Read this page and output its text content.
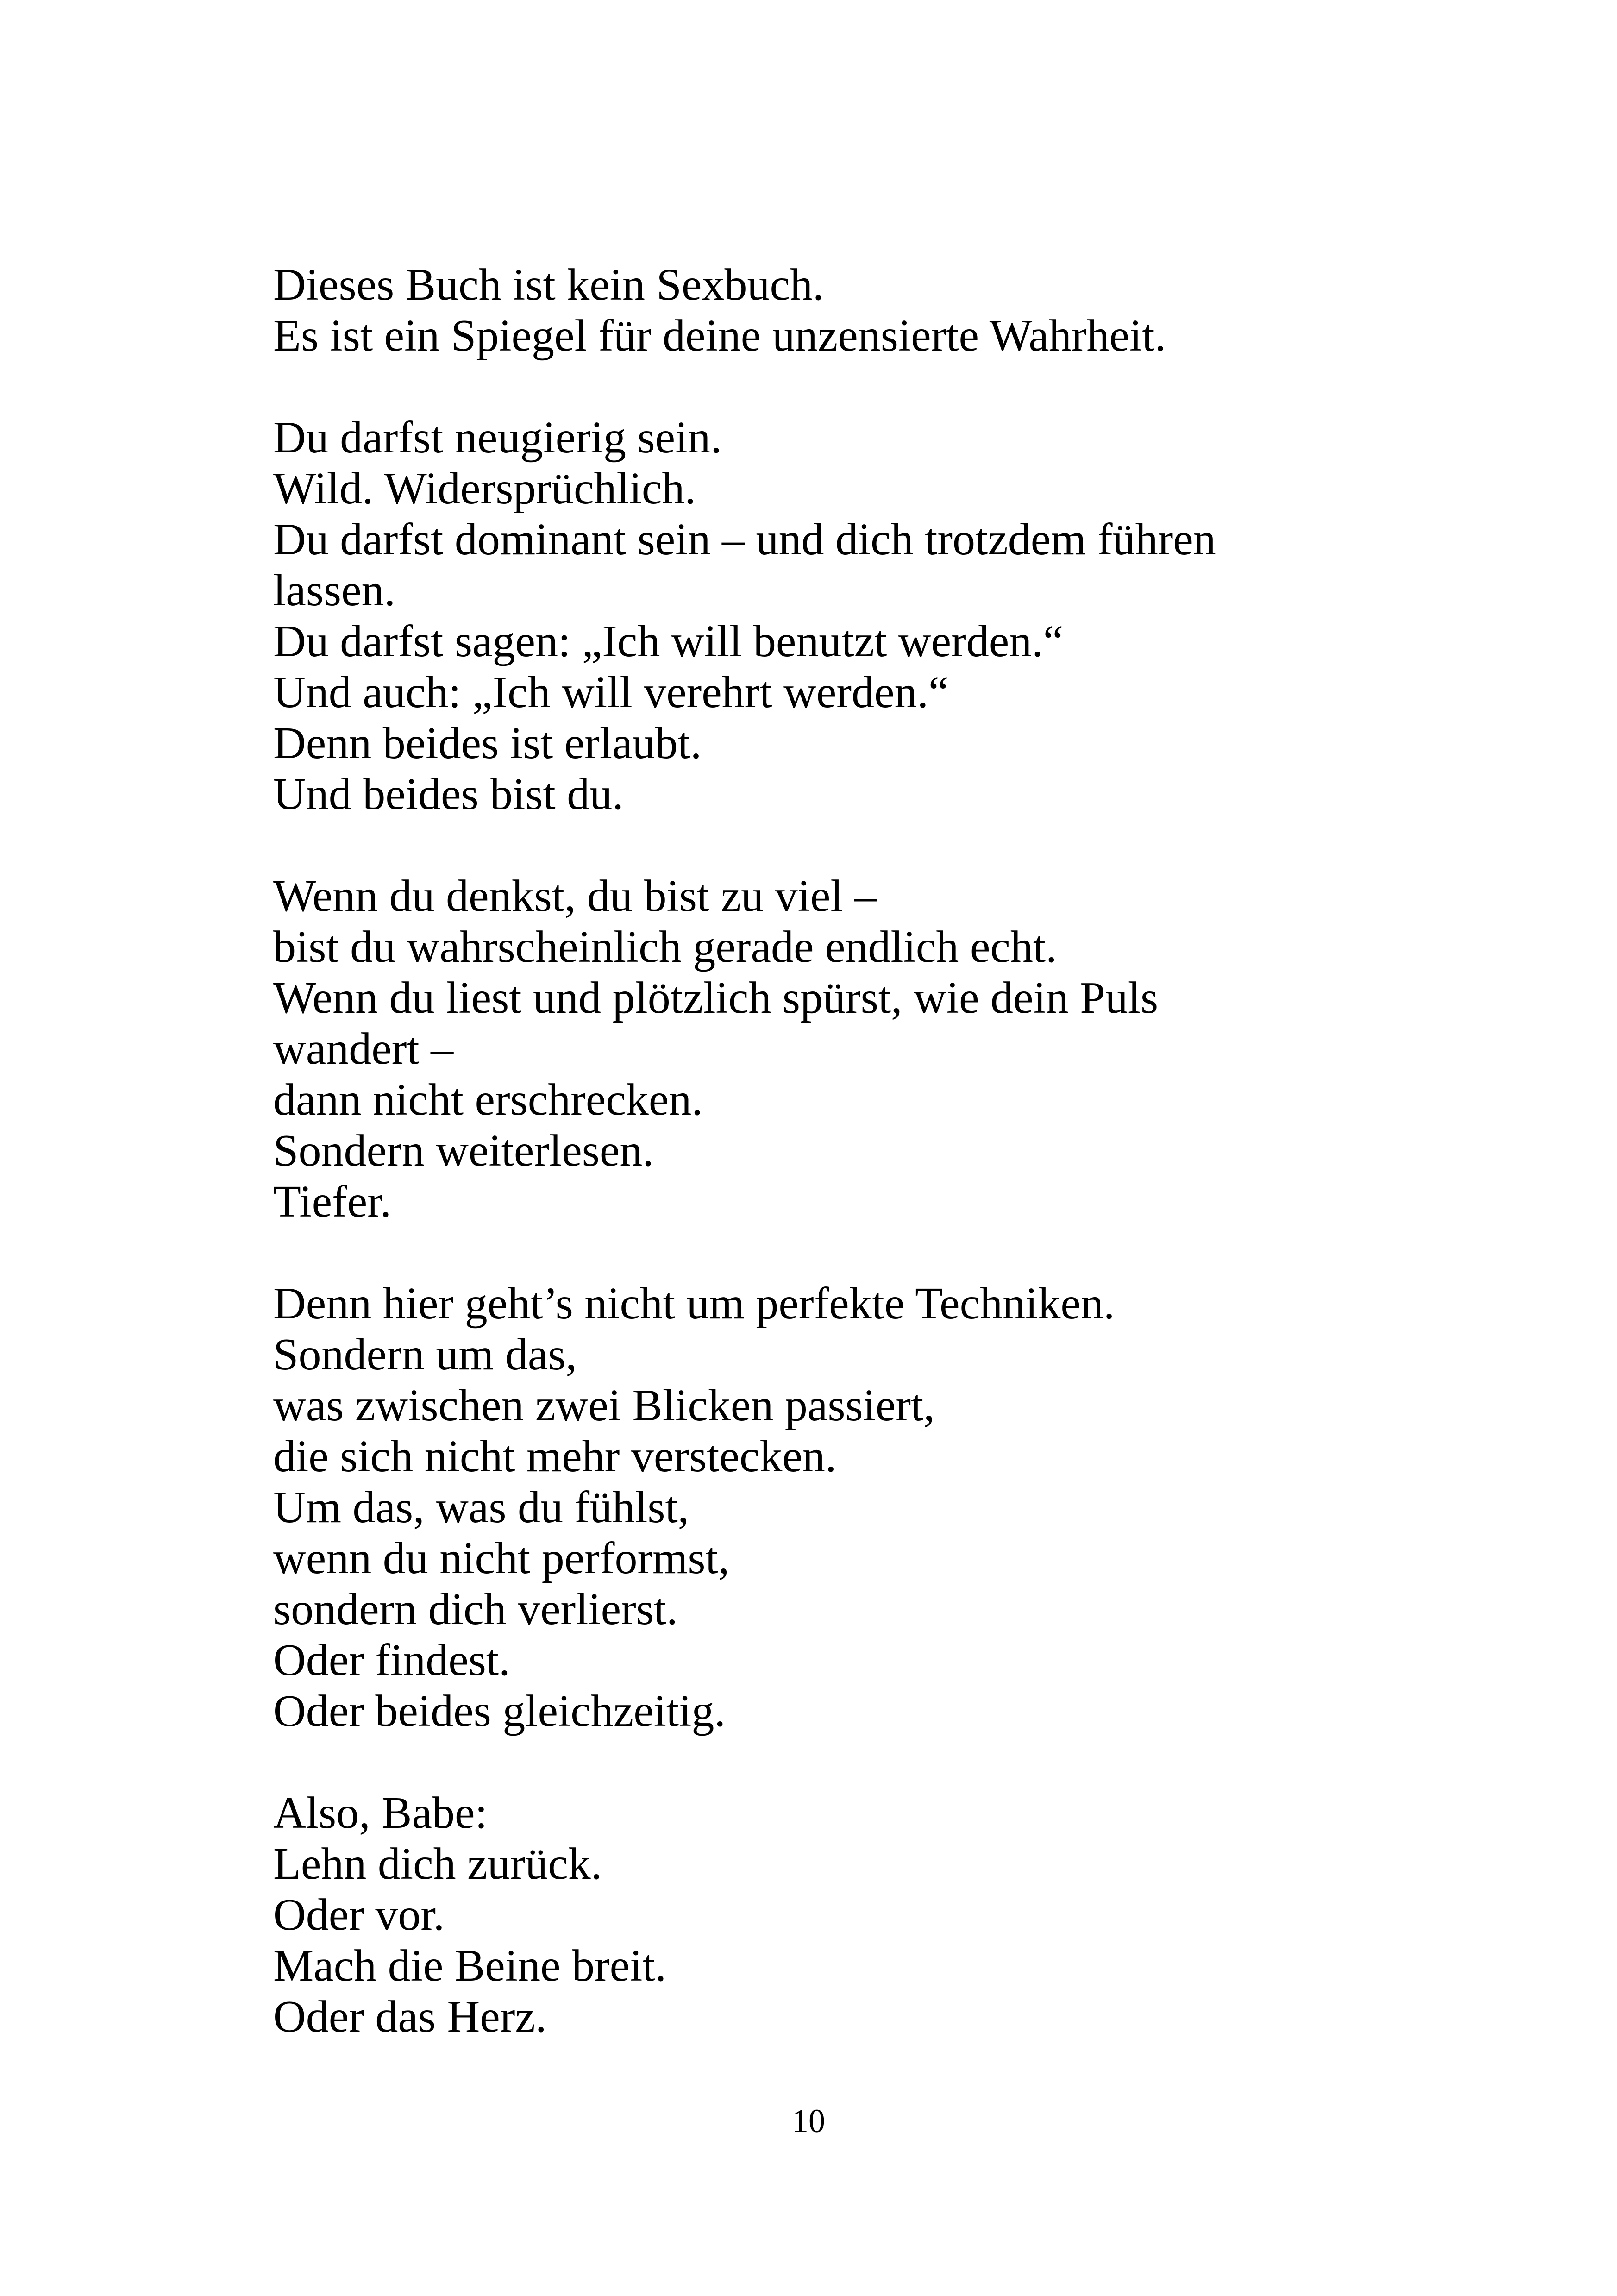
Dieses Buch ist kein Sexbuch.
Es ist ein Spiegel für deine unzensierte Wahrheit.

Du darfst neugierig sein.
Wild. Widersprüchlich.
Du darfst dominant sein – und dich trotzdem führen
lassen.
Du darfst sagen: „Ich will benutzt werden.“
Und auch: „Ich will verehrt werden.“
Denn beides ist erlaubt.
Und beides bist du.

Wenn du denkst, du bist zu viel –
bist du wahrscheinlich gerade endlich echt.
Wenn du liest und plötzlich spürst, wie dein Puls
wandert –
dann nicht erschrecken.
Sondern weiterlesen.
Tiefer.

Denn hier geht’s nicht um perfekte Techniken.
Sondern um das,
was zwischen zwei Blicken passiert,
die sich nicht mehr verstecken.
Um das, was du fühlst,
wenn du nicht performst,
sondern dich verlierst.
Oder findest.
Oder beides gleichzeitig.

Also, Babe:
Lehn dich zurück.
Oder vor.
Mach die Beine breit.
Oder das Herz.

10
